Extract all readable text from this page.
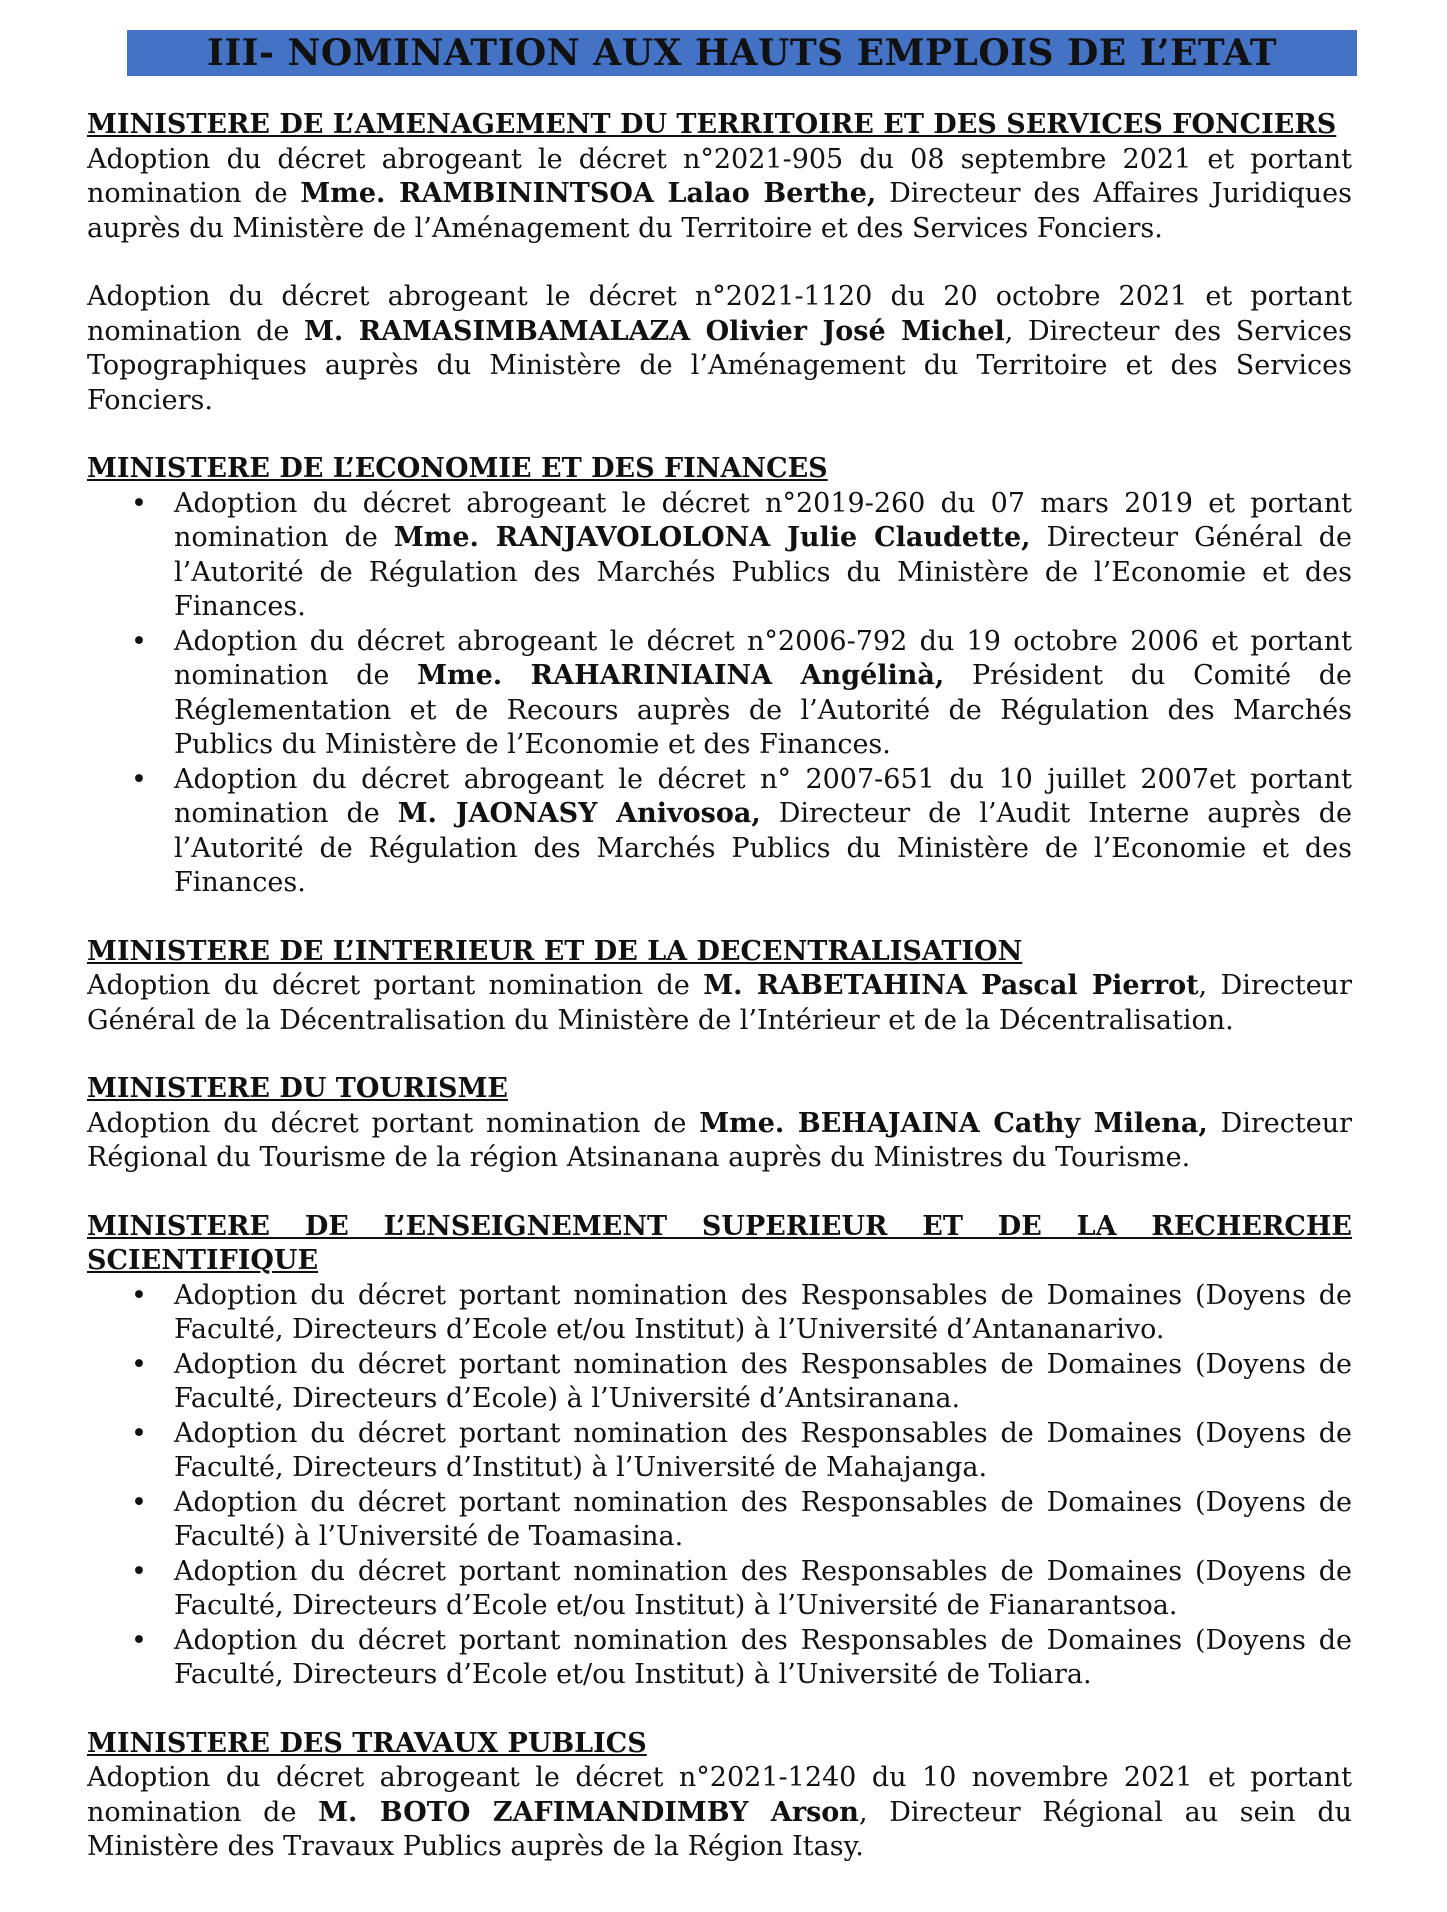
III- NOMINATION AUX HAUTS EMPLOIS DE L’ETAT

MINISTERE DE L’AMENAGEMENT DU TERRITOIRE ET DES SERVICES FONCIERS

Adoption du décret abrogeant le décret n°2021-905 du 08 septembre 2021 et portant nomination de Mme. RAMBININTSOA Lalao Berthe, Directeur des Affaires Juridiques auprès du Ministère de l’Aménagement du Territoire et des Services Fonciers.

Adoption du décret abrogeant le décret n°2021-1120 du 20 octobre 2021 et portant nomination de M. RAMASIMBAMALAZA Olivier José Michel, Directeur des Services Topographiques auprès du Ministère de l’Aménagement du Territoire et des Services Fonciers.

MINISTERE DE L’ECONOMIE ET DES FINANCES

• Adoption du décret abrogeant le décret n°2019-260 du 07 mars 2019 et portant nomination de Mme. RANJAVOLOLONA Julie Claudette, Directeur Général de l’Autorité de Régulation des Marchés Publics du Ministère de l’Economie et des Finances.
• Adoption du décret abrogeant le décret n°2006-792 du 19 octobre 2006 et portant nomination de Mme. RAHARINIAINA Angélinà, Président du Comité de Réglementation et de Recours auprès de l’Autorité de Régulation des Marchés Publics du Ministère de l’Economie et des Finances.
• Adoption du décret abrogeant le décret n° 2007-651 du 10 juillet 2007et portant nomination de M. JAONASY Anivosoa, Directeur de l’Audit Interne auprès de l’Autorité de Régulation des Marchés Publics du Ministère de l’Economie et des Finances.

MINISTERE DE L’INTERIEUR ET DE LA DECENTRALISATION

Adoption du décret portant nomination de M. RABETAHINA Pascal Pierrot, Directeur Général de la Décentralisation du Ministère de l’Intérieur et de la Décentralisation.

MINISTERE DU TOURISME

Adoption du décret portant nomination de Mme. BEHAJAINA Cathy Milena, Directeur Régional du Tourisme de la région Atsinanana auprès du Ministres du Tourisme.

MINISTERE DE L’ENSEIGNEMENT SUPERIEUR ET DE LA RECHERCHE

SCIENTIFIQUE

• Adoption du décret portant nomination des Responsables de Domaines (Doyens de Faculté, Directeurs d’Ecole et/ou Institut) à l’Université d’Antananarivo.
• Adoption du décret portant nomination des Responsables de Domaines (Doyens de Faculté, Directeurs d’Ecole) à l’Université d’Antsiranana.
• Adoption du décret portant nomination des Responsables de Domaines (Doyens de Faculté, Directeurs d’Institut) à l’Université de Mahajanga.
• Adoption du décret portant nomination des Responsables de Domaines (Doyens de Faculté) à l’Université de Toamasina.
• Adoption du décret portant nomination des Responsables de Domaines (Doyens de Faculté, Directeurs d’Ecole et/ou Institut) à l’Université de Fianarantsoa.
• Adoption du décret portant nomination des Responsables de Domaines (Doyens de Faculté, Directeurs d’Ecole et/ou Institut) à l’Université de Toliara.

MINISTERE DES TRAVAUX PUBLICS

Adoption du décret abrogeant le décret n°2021-1240 du 10 novembre 2021 et portant nomination de M. BOTO ZAFIMANDIMBY Arson, Directeur Régional au sein du Ministère des Travaux Publics auprès de la Région Itasy.
